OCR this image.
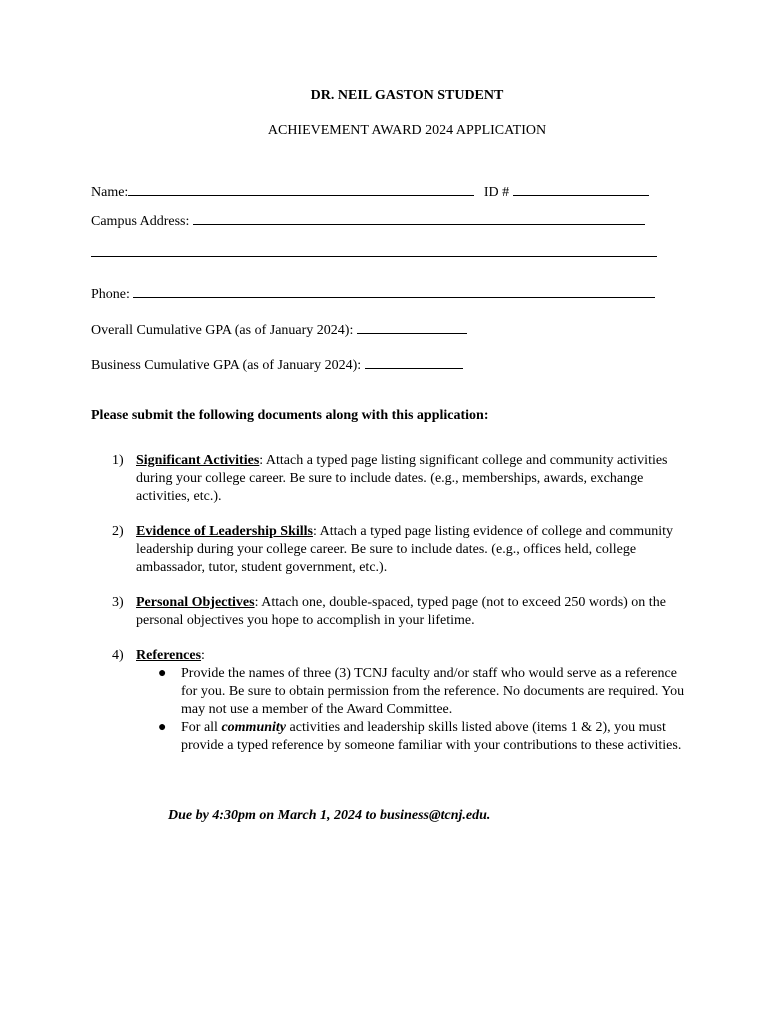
DR. NEIL GASTON STUDENT
ACHIEVEMENT AWARD 2024 APPLICATION
Name:	ID #
Campus Address:
Phone:
Overall Cumulative GPA (as of January 2024):
Business Cumulative GPA (as of January 2024):
Please submit the following documents along with this application:
1) Significant Activities: Attach a typed page listing significant college and community activities during your college career. Be sure to include dates. (e.g., memberships, awards, exchange activities, etc.).
2) Evidence of Leadership Skills: Attach a typed page listing evidence of college and community leadership during your college career. Be sure to include dates. (e.g., offices held, college ambassador, tutor, student government, etc.).
3) Personal Objectives: Attach one, double-spaced, typed page (not to exceed 250 words) on the personal objectives you hope to accomplish in your lifetime.
4) References:
● Provide the names of three (3) TCNJ faculty and/or staff who would serve as a reference for you. Be sure to obtain permission from the reference. No documents are required. You may not use a member of the Award Committee.
● For all community activities and leadership skills listed above (items 1 & 2), you must provide a typed reference by someone familiar with your contributions to these activities.
Due by 4:30pm on March 1, 2024 to business@tcnj.edu.
